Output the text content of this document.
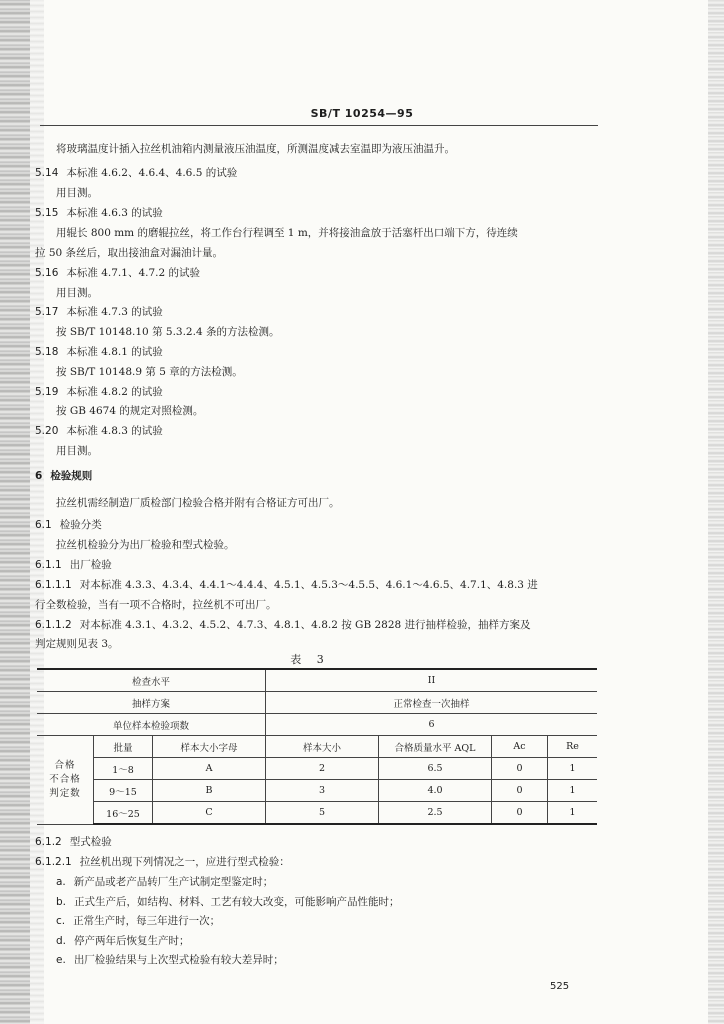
SB/T 10254—95
将玻璃温度计插入拉丝机油箱内测量液压油温度，所测温度减去室温即为液压油温升。
5.14 本标准 4.6.2、4.6.4、4.6.5 的试验
用目测。
5.15 本标准 4.6.3 的试验
用辊长 800 mm 的磨辊拉丝，将工作台行程调至 1 m，并将接油盒放于活塞杆出口端下方，待连续
拉 50 条丝后，取出接油盒对漏油计量。
5.16 本标准 4.7.1、4.7.2 的试验
用目测。
5.17 本标准 4.7.3 的试验
按 SB/T 10148.10 第 5.3.2.4 条的方法检测。
5.18 本标准 4.8.1 的试验
按 SB/T 10148.9 第 5 章的方法检测。
5.19 本标准 4.8.2 的试验
按 GB 4674 的规定对照检测。
5.20 本标准 4.8.3 的试验
用目测。
6 检验规则
拉丝机需经制造厂质检部门检验合格并附有合格证方可出厂。
6.1 检验分类
拉丝机检验分为出厂检验和型式检验。
6.1.1 出厂检验
6.1.1.1 对本标准 4.3.3、4.3.4、4.4.1～4.4.4、4.5.1、4.5.3～4.5.5、4.6.1～4.6.5、4.7.1、4.8.3 进
行全数检验，当有一项不合格时，拉丝机不可出厂。
6.1.1.2 对本标准 4.3.1、4.3.2、4.5.2、4.7.3、4.8.1、4.8.2 按 GB 2828 进行抽样检验，抽样方案及
判定规则见表 3。
6.1.2 型式检验
6.1.2.1 拉丝机出现下列情况之一，应进行型式检验：
a. 新产品或老产品转厂生产试制定型鉴定时；
b. 正式生产后，如结构、材料、工艺有较大改变，可能影响产品性能时；
c. 正常生产时，每三年进行一次；
d. 停产两年后恢复生产时；
e. 出厂检验结果与上次型式检验有较大差异时；
表 3
检查水平			II			
抽样方案			正常检查一次抽样			
单位样本检验项数			6			
合格
不合格
判定数	批量	样本大小字母	样本大小	合格质量水平 AQL	Ac	Re
	1～8	A	2	6.5	0	1
	9～15	B	3	4.0	0	1
	16～25	C	5	2.5	0	1
525
